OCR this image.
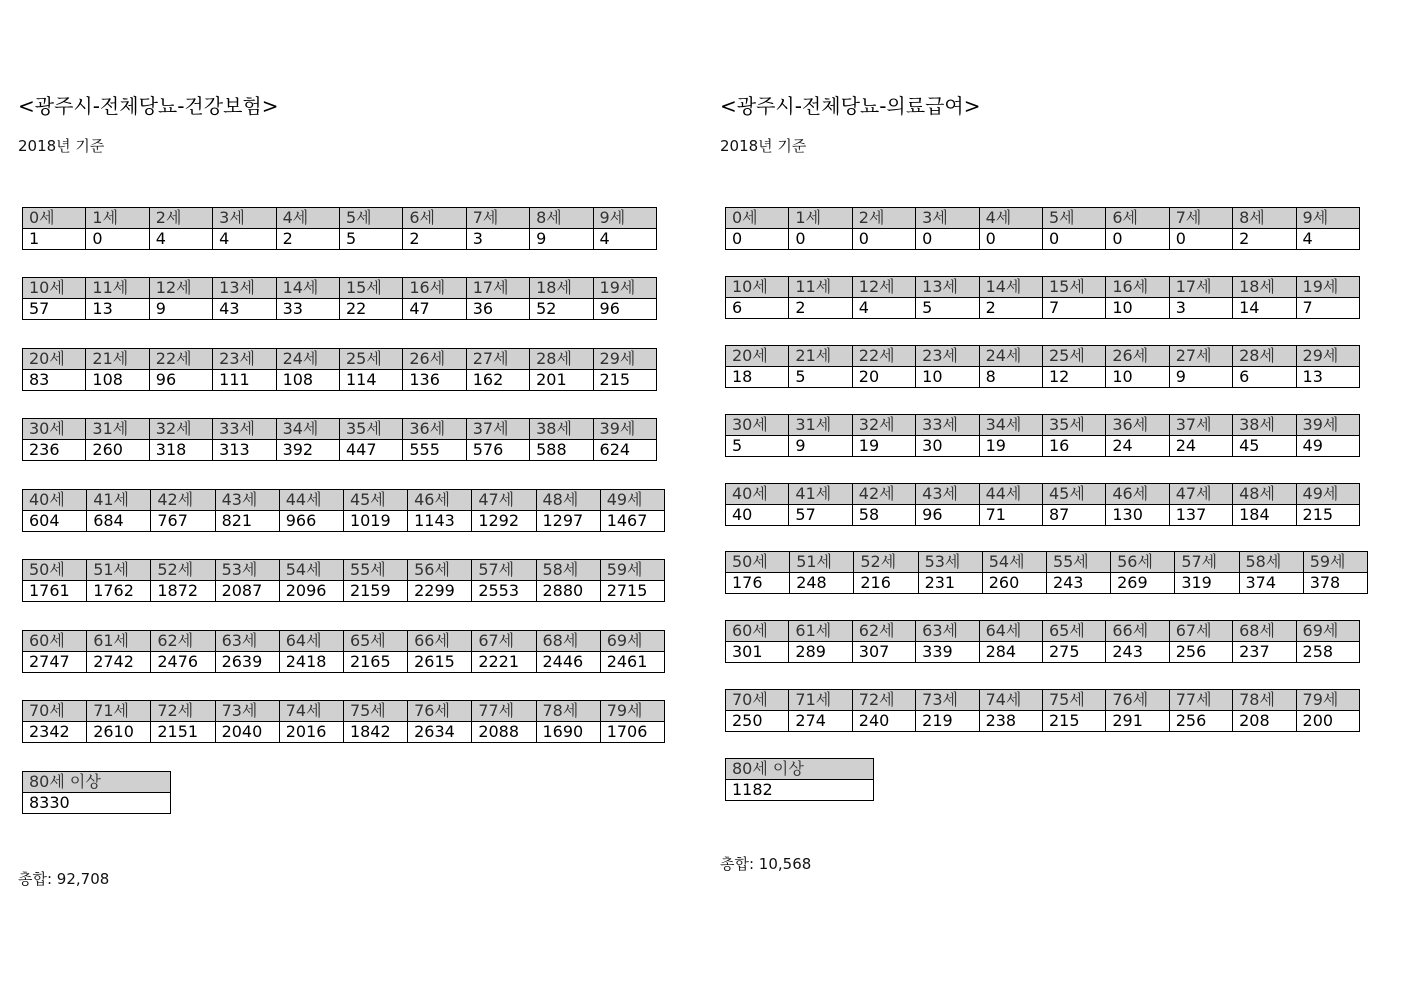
<광주시-전체당뇨-건강보험>
2018년 기준
0세	1세	2세	3세	4세	5세	6세	7세	8세	9세
1	0	4	4	2	5	2	3	9	4
10세	11세	12세	13세	14세	15세	16세	17세	18세	19세
57	13	9	43	33	22	47	36	52	96
20세	21세	22세	23세	24세	25세	26세	27세	28세	29세
83	108	96	111	108	114	136	162	201	215
30세	31세	32세	33세	34세	35세	36세	37세	38세	39세
236	260	318	313	392	447	555	576	588	624
40세	41세	42세	43세	44세	45세	46세	47세	48세	49세
604	684	767	821	966	1019	1143	1292	1297	1467
50세	51세	52세	53세	54세	55세	56세	57세	58세	59세
1761	1762	1872	2087	2096	2159	2299	2553	2880	2715
60세	61세	62세	63세	64세	65세	66세	67세	68세	69세
2747	2742	2476	2639	2418	2165	2615	2221	2446	2461
70세	71세	72세	73세	74세	75세	76세	77세	78세	79세
2342	2610	2151	2040	2016	1842	2634	2088	1690	1706
80세 이상
8330
총합: 92,708
<광주시-전체당뇨-의료급여>
2018년 기준
0세	1세	2세	3세	4세	5세	6세	7세	8세	9세
0	0	0	0	0	0	0	0	2	4
10세	11세	12세	13세	14세	15세	16세	17세	18세	19세
6	2	4	5	2	7	10	3	14	7
20세	21세	22세	23세	24세	25세	26세	27세	28세	29세
18	5	20	10	8	12	10	9	6	13
30세	31세	32세	33세	34세	35세	36세	37세	38세	39세
5	9	19	30	19	16	24	24	45	49
40세	41세	42세	43세	44세	45세	46세	47세	48세	49세
40	57	58	96	71	87	130	137	184	215
50세	51세	52세	53세	54세	55세	56세	57세	58세	59세
176	248	216	231	260	243	269	319	374	378
60세	61세	62세	63세	64세	65세	66세	67세	68세	69세
301	289	307	339	284	275	243	256	237	258
70세	71세	72세	73세	74세	75세	76세	77세	78세	79세
250	274	240	219	238	215	291	256	208	200
80세 이상
1182
총합: 10,568
